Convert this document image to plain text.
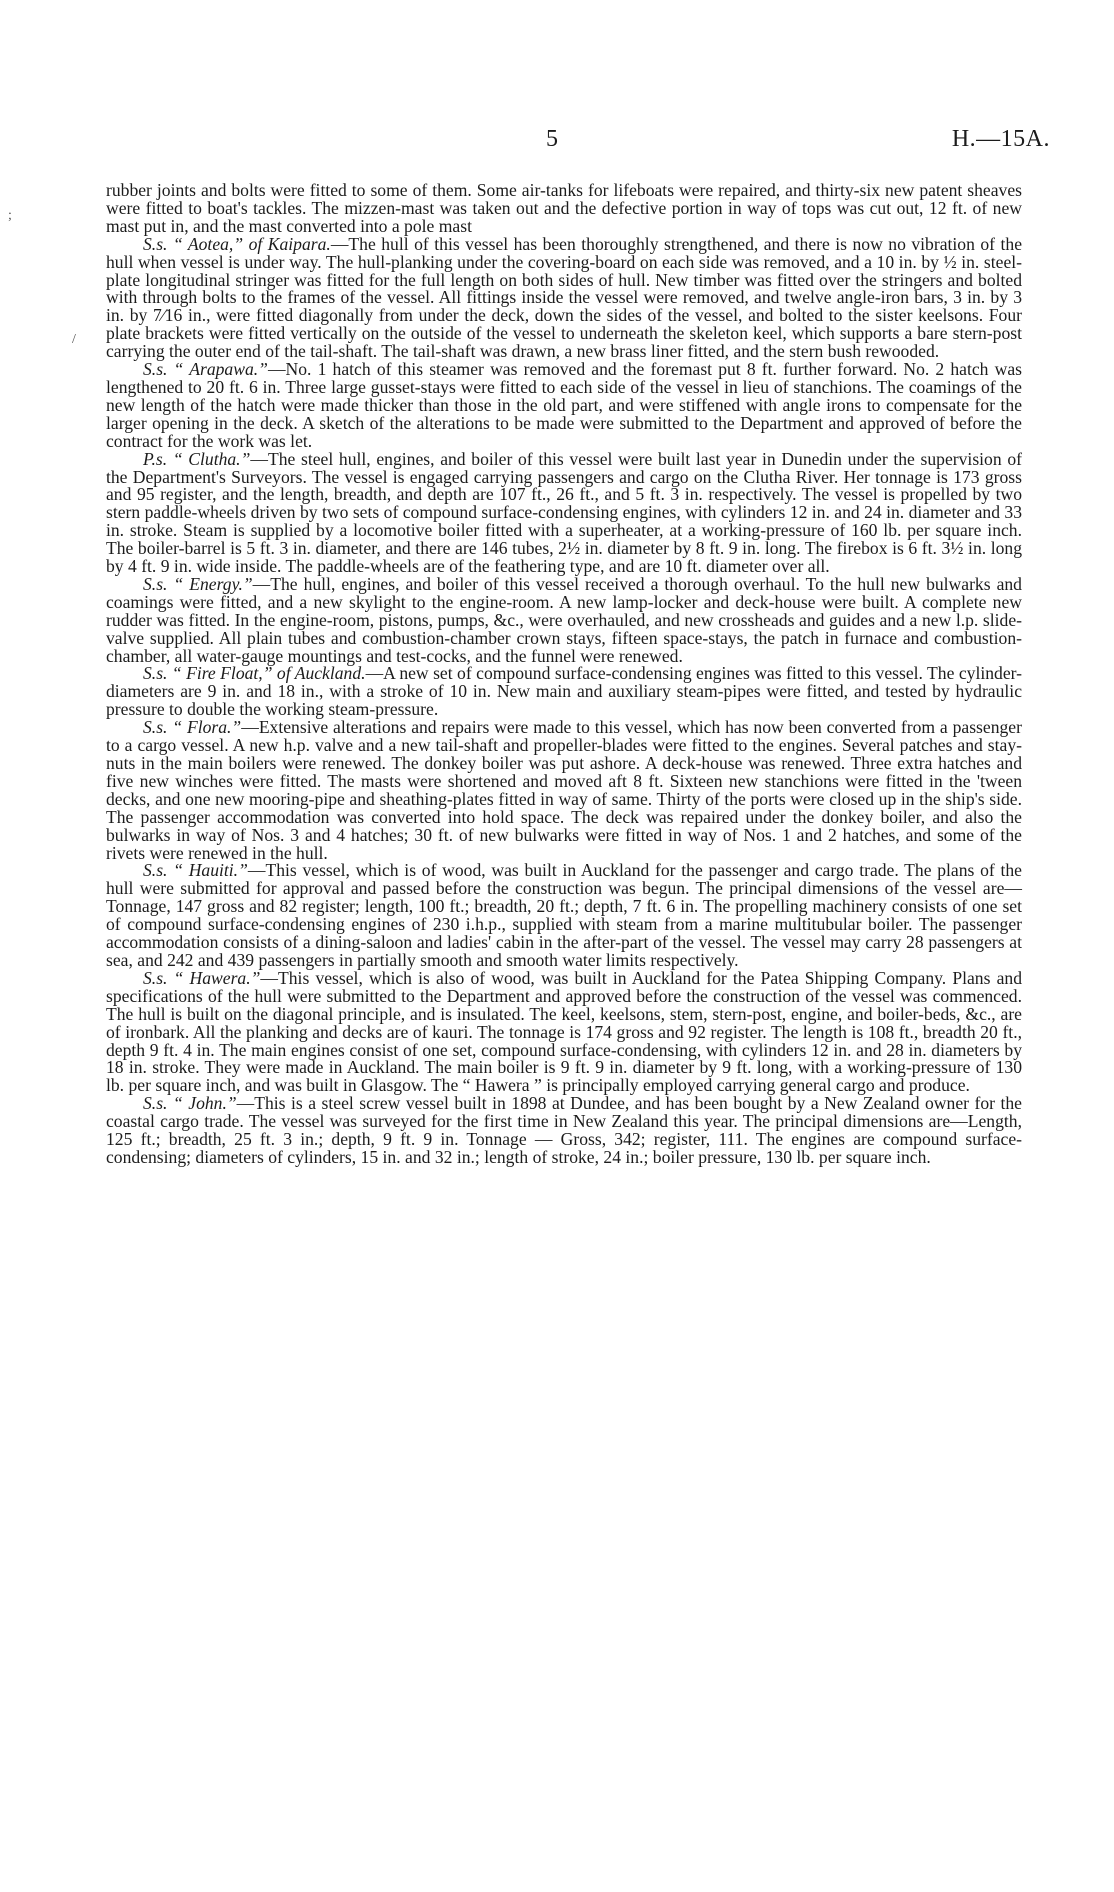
5	H.—15A.
;
/

rubber joints and bolts were fitted to some of them. Some air-tanks for lifeboats were repaired, and thirty-six new patent sheaves were fitted to boat's tackles. The mizzen-mast was taken out and the defective portion in way of tops was cut out, 12 ft. of new mast put in, and the mast converted into a pole mast

S.s. “ Aotea,” of Kaipara.—The hull of this vessel has been thoroughly strengthened, and there is now no vibration of the hull when vessel is under way. The hull-planking under the covering-board on each side was removed, and a 10 in. by ½ in. steel-plate longitudinal stringer was fitted for the full length on both sides of hull. New timber was fitted over the stringers and bolted with through bolts to the frames of the vessel. All fittings inside the vessel were removed, and twelve angle-iron bars, 3 in. by 3 in. by 7⁄16 in., were fitted diagonally from under the deck, down the sides of the vessel, and bolted to the sister keelsons. Four plate brackets were fitted vertically on the outside of the vessel to underneath the skeleton keel, which supports a bare stern-post carrying the outer end of the tail-shaft. The tail-shaft was drawn, a new brass liner fitted, and the stern bush rewooded.

S.s. “ Arapawa.”—No. 1 hatch of this steamer was removed and the foremast put 8 ft. further forward. No. 2 hatch was lengthened to 20 ft. 6 in. Three large gusset-stays were fitted to each side of the vessel in lieu of stanchions. The coamings of the new length of the hatch were made thicker than those in the old part, and were stiffened with angle irons to compensate for the larger opening in the deck. A sketch of the alterations to be made were submitted to the Department and approved of before the contract for the work was let.

P.s. “ Clutha.”—The steel hull, engines, and boiler of this vessel were built last year in Dunedin under the supervision of the Department's Surveyors. The vessel is engaged carrying passengers and cargo on the Clutha River. Her tonnage is 173 gross and 95 register, and the length, breadth, and depth are 107 ft., 26 ft., and 5 ft. 3 in. respectively. The vessel is propelled by two stern paddle-wheels driven by two sets of compound surface-condensing engines, with cylinders 12 in. and 24 in. diameter and 33 in. stroke. Steam is supplied by a locomotive boiler fitted with a superheater, at a working-pressure of 160 lb. per square inch. The boiler-barrel is 5 ft. 3 in. diameter, and there are 146 tubes, 2½ in. diameter by 8 ft. 9 in. long. The firebox is 6 ft. 3½ in. long by 4 ft. 9 in. wide inside. The paddle-wheels are of the feathering type, and are 10 ft. diameter over all.

S.s. “ Energy.”—The hull, engines, and boiler of this vessel received a thorough overhaul. To the hull new bulwarks and coamings were fitted, and a new skylight to the engine-room. A new lamp-locker and deck-house were built. A complete new rudder was fitted. In the engine-room, pistons, pumps, &c., were overhauled, and new crossheads and guides and a new l.p. slide-valve supplied. All plain tubes and combustion-chamber crown stays, fifteen space-stays, the patch in furnace and combustion-chamber, all water-gauge mountings and test-cocks, and the funnel were renewed.

S.s. “ Fire Float,” of Auckland.—A new set of compound surface-condensing engines was fitted to this vessel. The cylinder-diameters are 9 in. and 18 in., with a stroke of 10 in. New main and auxiliary steam-pipes were fitted, and tested by hydraulic pressure to double the working steam-pressure.

S.s. “ Flora.”—Extensive alterations and repairs were made to this vessel, which has now been converted from a passenger to a cargo vessel. A new h.p. valve and a new tail-shaft and propeller-blades were fitted to the engines. Several patches and stay-nuts in the main boilers were renewed. The donkey boiler was put ashore. A deck-house was renewed. Three extra hatches and five new winches were fitted. The masts were shortened and moved aft 8 ft. Sixteen new stanchions were fitted in the 'tween decks, and one new mooring-pipe and sheathing-plates fitted in way of same. Thirty of the ports were closed up in the ship's side. The passenger accommodation was converted into hold space. The deck was repaired under the donkey boiler, and also the bulwarks in way of Nos. 3 and 4 hatches; 30 ft. of new bulwarks were fitted in way of Nos. 1 and 2 hatches, and some of the rivets were renewed in the hull.

S.s. “ Hauiti.”—This vessel, which is of wood, was built in Auckland for the passenger and cargo trade. The plans of the hull were submitted for approval and passed before the construction was begun. The principal dimensions of the vessel are—Tonnage, 147 gross and 82 register; length, 100 ft.; breadth, 20 ft.; depth, 7 ft. 6 in. The propelling machinery consists of one set of compound surface-condensing engines of 230 i.h.p., supplied with steam from a marine multitubular boiler. The passenger accommodation consists of a dining-saloon and ladies' cabin in the after-part of the vessel. The vessel may carry 28 passengers at sea, and 242 and 439 passengers in partially smooth and smooth water limits respectively.

S.s. “ Hawera.”—This vessel, which is also of wood, was built in Auckland for the Patea Shipping Company. Plans and specifications of the hull were submitted to the Department and approved before the construction of the vessel was commenced. The hull is built on the diagonal principle, and is insulated. The keel, keelsons, stem, stern-post, engine, and boiler-beds, &c., are of ironbark. All the planking and decks are of kauri. The tonnage is 174 gross and 92 register. The length is 108 ft., breadth 20 ft., depth 9 ft. 4 in. The main engines consist of one set, compound surface-condensing, with cylinders 12 in. and 28 in. diameters by 18 in. stroke. They were made in Auckland. The main boiler is 9 ft. 9 in. diameter by 9 ft. long, with a working-pressure of 130 lb. per square inch, and was built in Glasgow. The “ Hawera ” is principally employed carrying general cargo and produce.

S.s. “ John.”—This is a steel screw vessel built in 1898 at Dundee, and has been bought by a New Zealand owner for the coastal cargo trade. The vessel was surveyed for the first time in New Zealand this year. The principal dimensions are—Length, 125 ft.; breadth, 25 ft. 3 in.; depth, 9 ft. 9 in. Tonnage — Gross, 342; register, 111. The engines are compound surface-condensing; diameters of cylinders, 15 in. and 32 in.; length of stroke, 24 in.; boiler pressure, 130 lb. per square inch.
